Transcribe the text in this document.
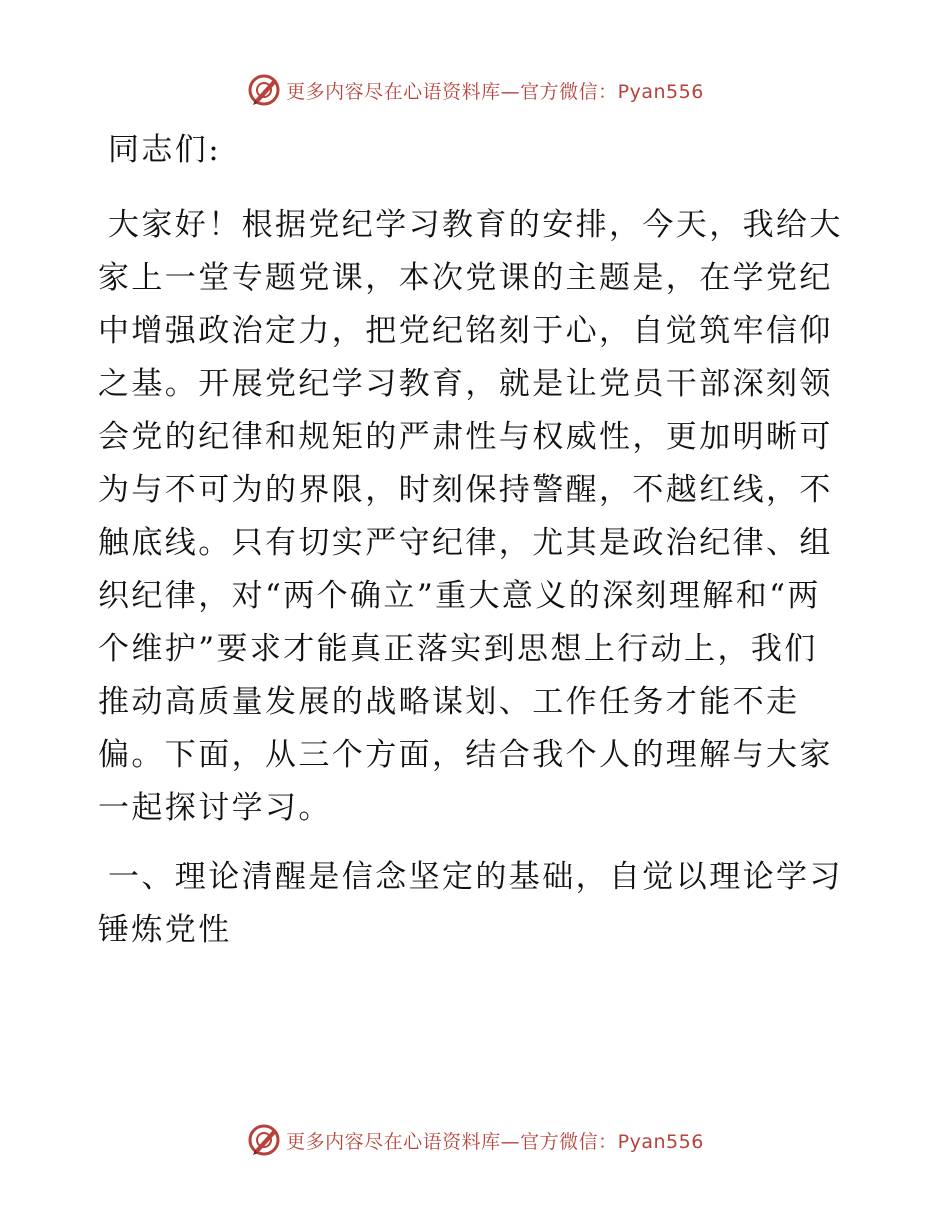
更多内容尽在心语资料库—官方微信：Pyan556

同志们:

大家好！根据党纪学习教育的安排，今天，我给大家上一堂专题党课，本次党课的主题是，在学党纪中增强政治定力，把党纪铭刻于心，自觉筑牢信仰之基。开展党纪学习教育，就是让党员干部深刻领会党的纪律和规矩的严肃性与权威性，更加明晰可为与不可为的界限，时刻保持警醒，不越红线，不触底线。只有切实严守纪律，尤其是政治纪律、组织纪律，对“两个确立”重大意义的深刻理解和“两个维护”要求才能真正落实到思想上行动上，我们推动高质量发展的战略谋划、工作任务才能不走偏。下面，从三个方面，结合我个人的理解与大家一起探讨学习。

一、理论清醒是信念坚定的基础，自觉以理论学习锤炼党性

更多内容尽在心语资料库—官方微信：Pyan556
